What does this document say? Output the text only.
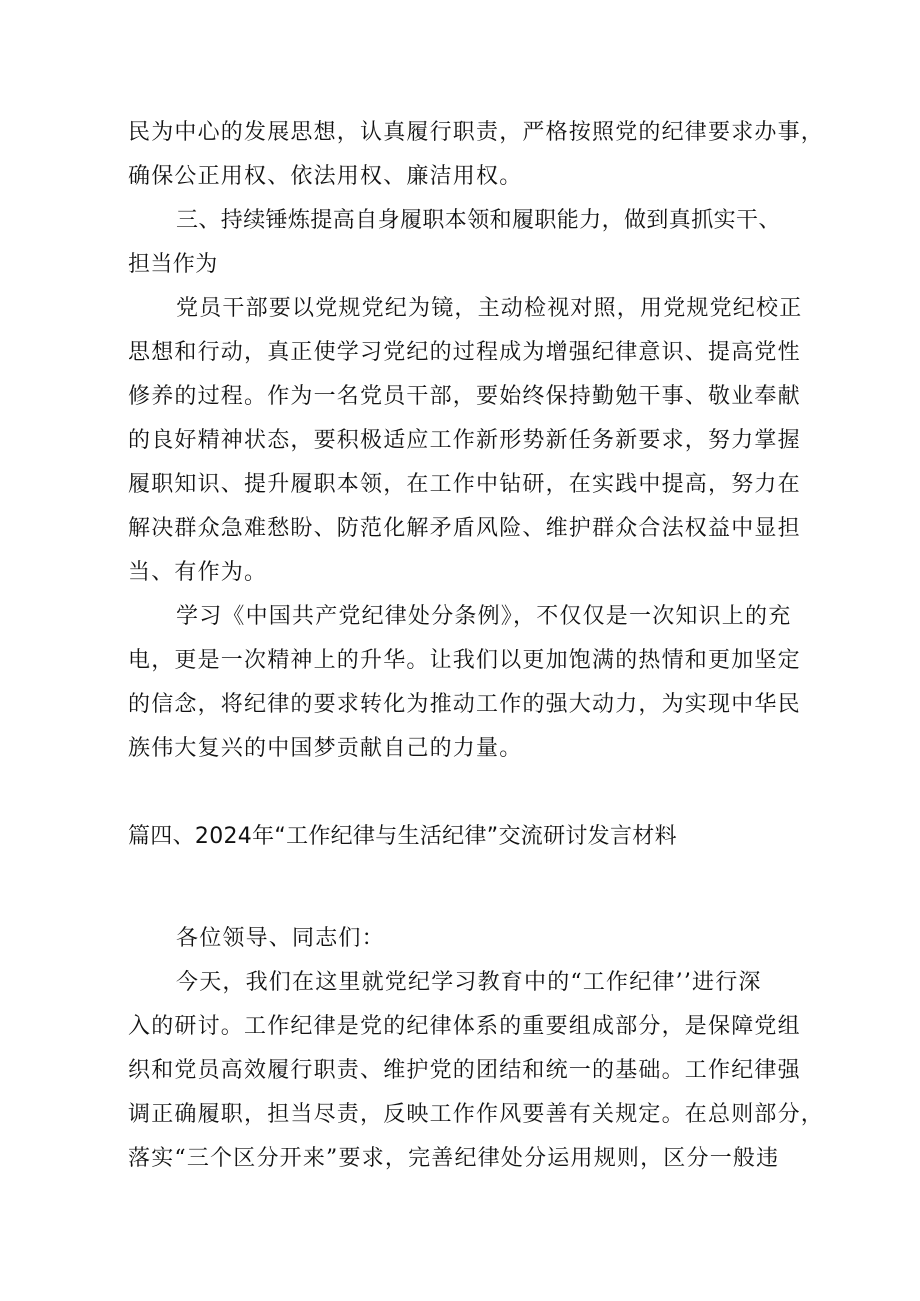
民为中心的发展思想，认真履行职责，严格按照党的纪律要求办事，
确保公正用权、依法用权、廉洁用权。
三、持续锤炼提高自身履职本领和履职能力，做到真抓实干、
担当作为
党员干部要以党规党纪为镜，主动检视对照，用党规党纪校正
思想和行动，真正使学习党纪的过程成为增强纪律意识、提高党性
修养的过程。作为一名党员干部，要始终保持勤勉干事、敬业奉献
的良好精神状态，要积极适应工作新形势新任务新要求，努力掌握
履职知识、提升履职本领，在工作中钻研，在实践中提高，努力在
解决群众急难愁盼、防范化解矛盾风险、维护群众合法权益中显担
当、有作为。
学习《中国共产党纪律处分条例》，不仅仅是一次知识上的充
电，更是一次精神上的升华。让我们以更加饱满的热情和更加坚定
的信念，将纪律的要求转化为推动工作的强大动力，为实现中华民
族伟大复兴的中国梦贡献自己的力量。
篇四、2024年“工作纪律与生活纪律”交流研讨发言材料
各位领导、同志们：
今天，我们在这里就党纪学习教育中的“工作纪律’’进行深
入的研讨。工作纪律是党的纪律体系的重要组成部分，是保障党组
织和党员高效履行职责、维护党的团结和统一的基础。工作纪律强
调正确履职，担当尽责，反映工作作风要善有关规定。在总则部分，
落实“三个区分开来”要求，完善纪律处分运用规则，区分一般违
